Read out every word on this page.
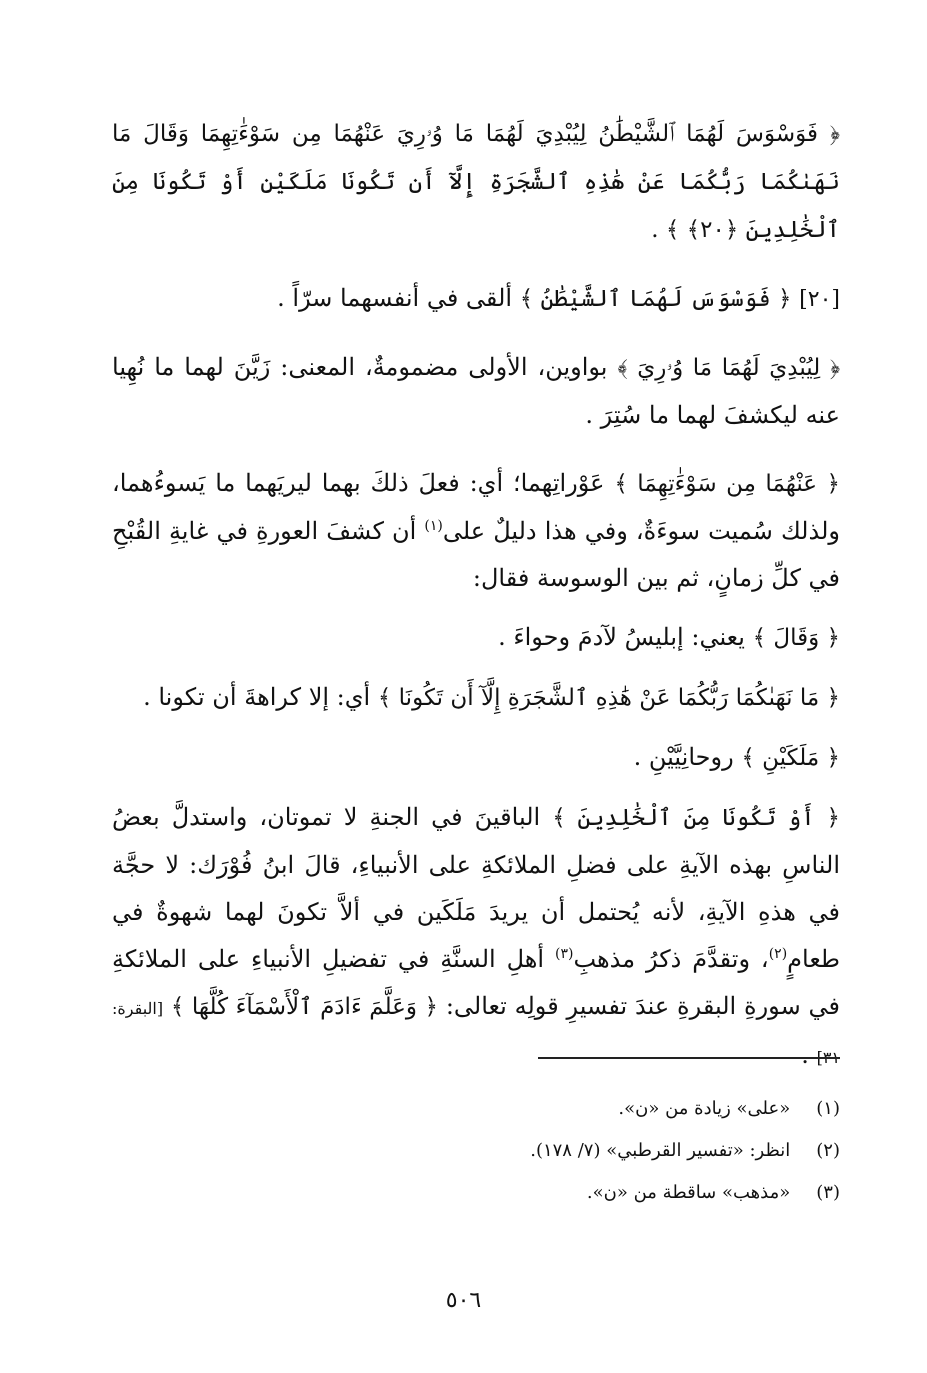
﴿ فَوَسْوَسَ لَهُمَا ٱلشَّيْطَٰنُ لِيُبْدِيَ لَهُمَا مَا وُۥرِيَ عَنْهُمَا مِن سَوْءَٰتِهِمَا وَقَالَ مَا نَهَىٰكُمَا رَبُّكُمَا عَنْ هَٰذِهِ ٱلشَّجَرَةِ إِلَّآ أَن تَكُونَا مَلَكَيْنِ أَوْ تَكُونَا مِنَ ٱلْخَٰلِدِينَ ﴿٢٠﴾ ﴾ .

[٢٠] ﴿ فَوَسْوَسَ لَهُمَا ٱلشَّيْطَٰنُ ﴾ ألقى في أنفسهما سرّاً .

﴿ لِيُبْدِيَ لَهُمَا مَا وُۥرِيَ ﴾ بواوين، الأولى مضمومةٌ، المعنى: زَيَّنَ لهما ما نُهِيا عنه ليكشفَ لهما ما سُتِرَ .

﴿ عَنْهُمَا مِن سَوْءَٰتِهِمَا ﴾ عَوْراتِهما؛ أي: فعلَ ذلكَ بهما ليريَهما ما يَسوءُهما، ولذلك سُميت سوءَةٌ، وفي هذا دليلٌ على$^{(١)}$ أن كشفَ العورةِ في غايةِ القُبْحِ في كلِّ زمانٍ، ثم بين الوسوسة فقال:

﴿ وَقَالَ ﴾ يعني: إبليسُ لآدمَ وحواءَ .

﴿ مَا نَهَىٰكُمَا رَبُّكُمَا عَنْ هَٰذِهِ ٱلشَّجَرَةِ إِلَّآ أَن تَكُونَا ﴾ أي: إلا كراهةَ أن تكونا .

﴿ مَلَكَيْنِ ﴾ روحانِيَّيْنِ .

﴿ أَوْ تَكُونَا مِنَ ٱلْخَٰلِدِينَ ﴾ الباقينَ في الجنةِ لا تموتان، واستدلَّ بعضُ الناسِ بهذه الآيةِ على فضلِ الملائكةِ على الأنبياءِ، قالَ ابنُ فُوْرَك: لا حجَّة في هذهِ الآيةِ، لأنه يُحتمل أن يريدَ مَلَكَين في ألاَّ تكونَ لهما شهوةٌ في طعامٍ$^{(٢)}$، وتقدَّمَ ذكرُ مذهبِ$^{(٣)}$ أهلِ السنَّةِ في تفضيلِ الأنبياءِ على الملائكةِ في سورةِ البقرةِ عندَ تفسيرِ قولِه تعالى: ﴿ وَعَلَّمَ ءَادَمَ ٱلْأَسْمَآءَ كُلَّهَا ﴾ [البقرة: ٣١] .

(١) «على» زيادة من «ن».

(٢) انظر: «تفسير القرطبي» (٧/ ١٧٨).

(٣) «مذهب» ساقطة من «ن».

٥٠٦
